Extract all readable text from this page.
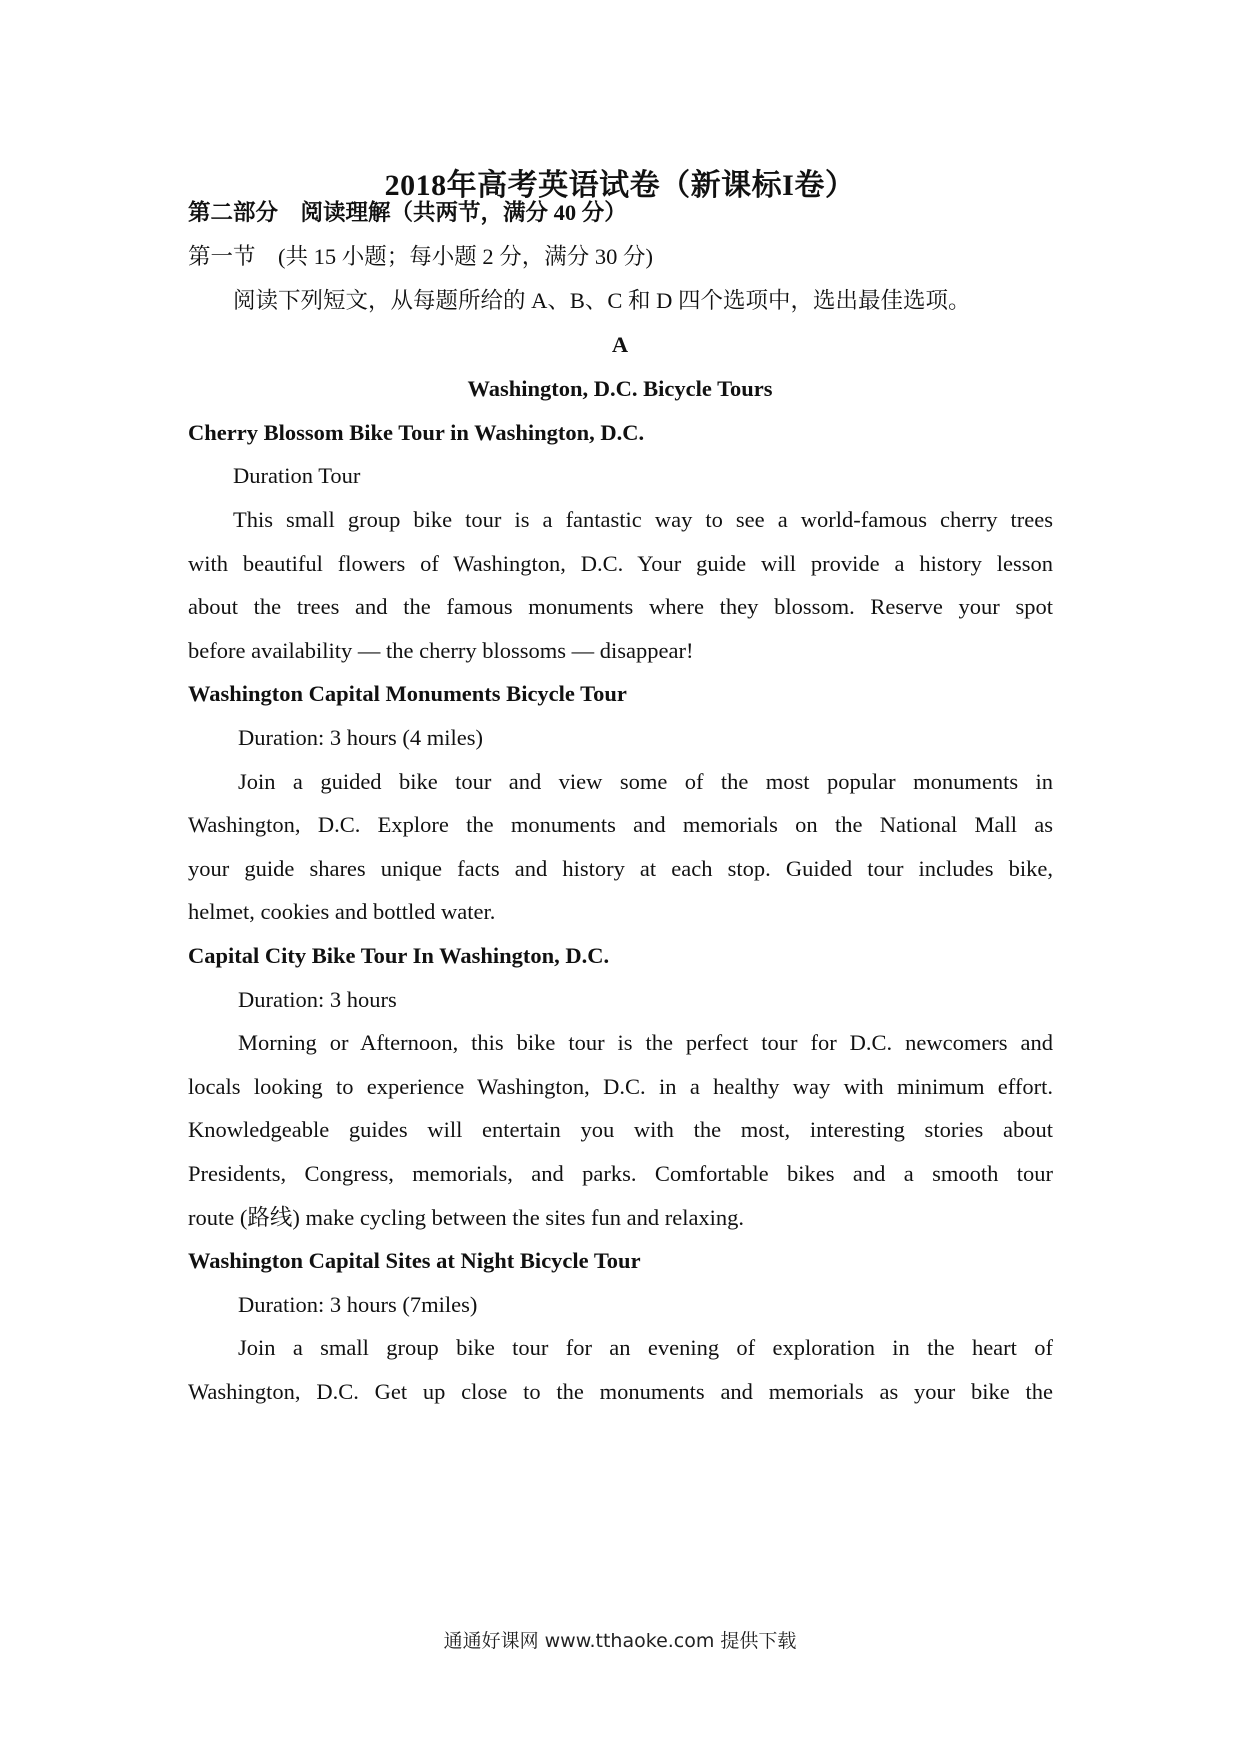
2018年高考英语试卷（新课标I卷）
第二部分　阅读理解（共两节，满分 40 分）
第一节　(共 15 小题；每小题 2 分，满分 30 分)
阅读下列短文，从每题所给的 A、B、C 和 D 四个选项中，选出最佳选项。
A
Washington, D.C. Bicycle Tours
Cherry Blossom Bike Tour in Washington, D.C.
Duration Tour
This small group bike tour is a fantastic way to see a world-famous cherry trees
with beautiful flowers of Washington, D.C. Your guide will provide a history lesson
about the trees and the famous monuments where they blossom. Reserve your spot
before availability — the cherry blossoms — disappear!
Washington Capital Monuments Bicycle Tour
Duration: 3 hours (4 miles)
Join a guided bike tour and view some of the most popular monuments in
Washington, D.C. Explore the monuments and memorials on the National Mall as
your guide shares unique facts and history at each stop. Guided tour includes bike,
helmet, cookies and bottled water.
Capital City Bike Tour In Washington, D.C.
Duration: 3 hours
Morning or Afternoon, this bike tour is the perfect tour for D.C. newcomers and
locals looking to experience Washington, D.C. in a healthy way with minimum effort.
Knowledgeable guides will entertain you with the most, interesting stories about
Presidents, Congress, memorials, and parks. Comfortable bikes and a smooth tour
route (路线) make cycling between the sites fun and relaxing.
Washington Capital Sites at Night Bicycle Tour
Duration: 3 hours (7miles)
Join a small group bike tour for an evening of exploration in the heart of
Washington, D.C. Get up close to the monuments and memorials as your bike the
通通好课网 www.tthaoke.com 提供下载
